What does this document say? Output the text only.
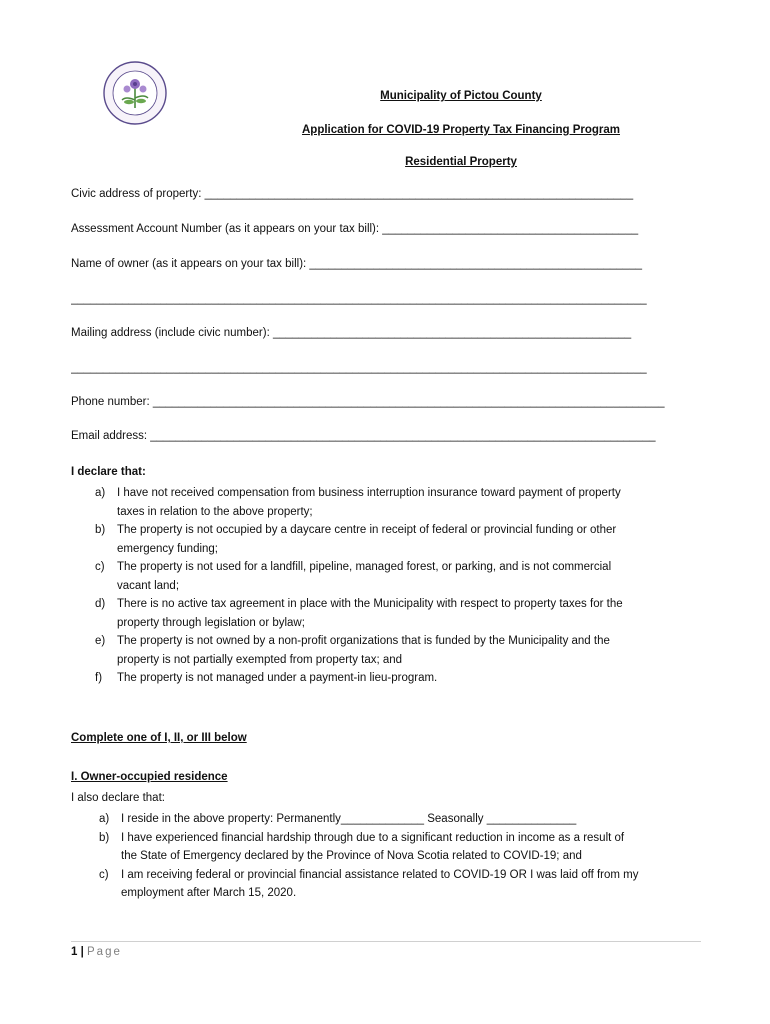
Municipality of Pictou County
Application for COVID-19 Property Tax Financing Program
Residential Property
Civic address of property: ___________________________________________________________________
Assessment Account Number (as it appears on your tax bill): ________________________________________
Name of owner (as it appears on your tax bill): ____________________________________________________
__________________________________________________________________________________________
Mailing address (include civic number): ________________________________________________________
__________________________________________________________________________________________
Phone number: ________________________________________________________________________________
Email address: _______________________________________________________________________________
I declare that:
a) I have not received compensation from business interruption insurance toward payment of property
taxes in relation to the above property;
b) The property is not occupied by a daycare centre in receipt of federal or provincial funding or other
emergency funding;
c) The property is not used for a landfill, pipeline, managed forest, or parking, and is not commercial
vacant land;
d) There is no active tax agreement in place with the Municipality with respect to property taxes for the
property through legislation or bylaw;
e) The property is not owned by a non-profit organizations that is funded by the Municipality and the
property is not partially exempted from property tax; and
f) The property is not managed under a payment-in lieu-program.
Complete one of I, II, or III below
I. Owner-occupied residence
I also declare that:
a) I reside in the above property: Permanently_____________ Seasonally ______________
b) I have experienced financial hardship through due to a significant reduction in income as a result of
the State of Emergency declared by the Province of Nova Scotia related to COVID-19; and
c) I am receiving federal or provincial financial assistance related to COVID-19 OR I was laid off from my
employment after March 15, 2020.
1 | Page
